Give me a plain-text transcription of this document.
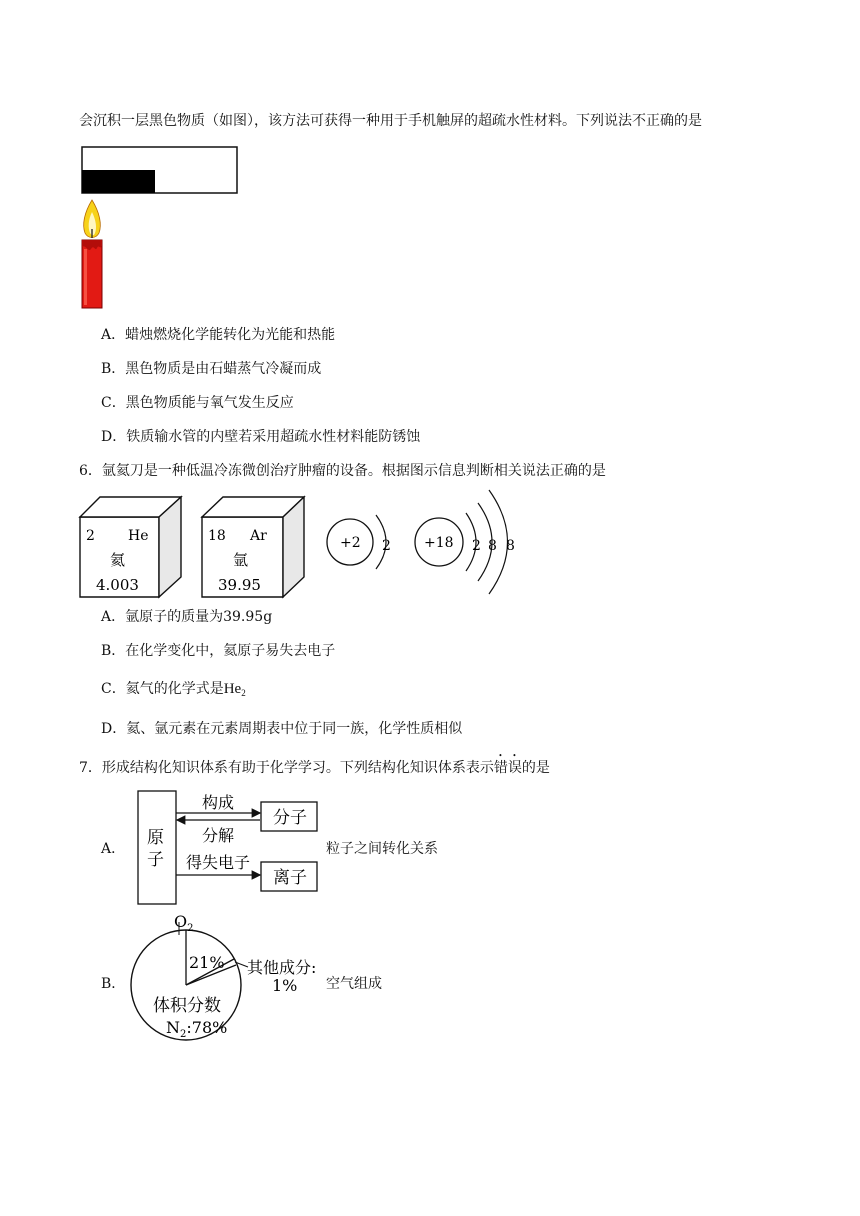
会沉积一层黑色物质（如图），该方法可获得一种用于手机触屏的超疏水性材料。下列说法不正确的是
A．蜡烛燃烧化学能转化为光能和热能
B．黑色物质是由石蜡蒸气冷凝而成
C．黑色物质能与氧气发生反应
D．铁质输水管的内壁若采用超疏水性材料能防锈蚀
6．氩氦刀是一种低温冷冻微创治疗肿瘤的设备。根据图示信息判断相关说法正确的是
2 He
氦
4.003
18 Ar
氩
39.95
+2 2 +18 2 8 8
A．氩原子的质量为39.95g
B．在化学变化中，氦原子易失去电子
C．氦气的化学式是$He_2$
D．氦、氩元素在元素周期表中位于同一族，化学性质相似
7．形成结构化知识体系有助于化学学习。下列结构化知识体系表示错误的是
A．
原
子
分子
离子
构成
分解
得失电子
粒子之间转化关系
B．
$O_2$
21% 其他成分:
1%
体积分数
$N_2:78\%$
空气组成
